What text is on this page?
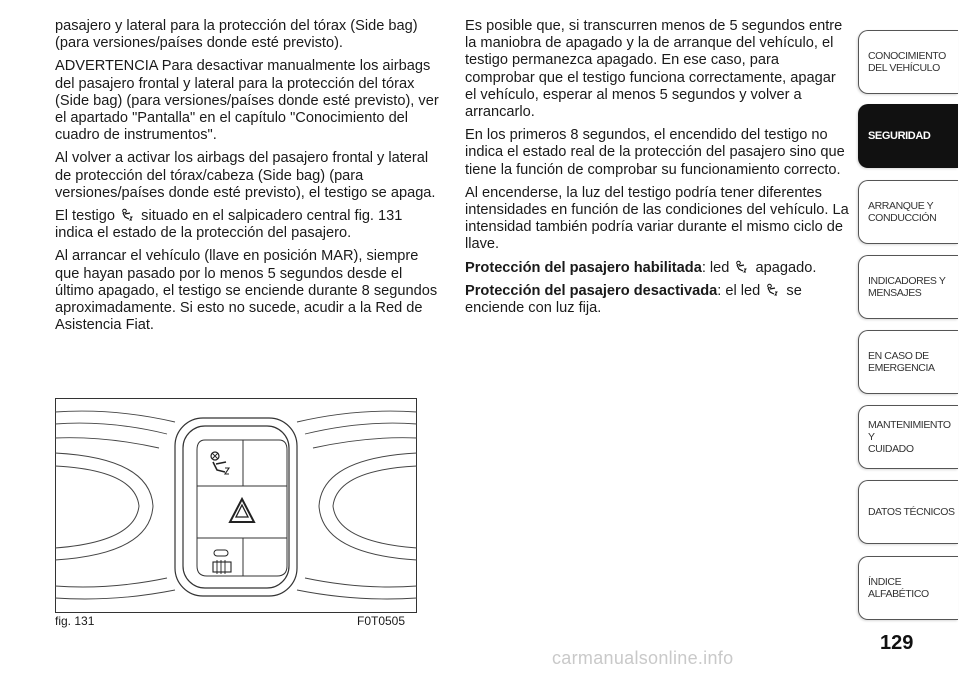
pasajero y lateral para la protección del tórax (Side bag) (para versiones/países donde esté previsto).

ADVERTENCIA Para desactivar manualmente los airbags del pasajero frontal y lateral para la protección del tórax (Side bag) (para versiones/países donde esté previsto), ver el apartado "Pantalla" en el capítulo "Conocimiento del cuadro de instrumentos".

Al volver a activar los airbags del pasajero frontal y lateral de protección del tórax/cabeza (Side bag) (para versiones/países donde esté previsto), el testigo se apaga.

El testigo situado en el salpicadero central fig. 131 indica el estado de la protección del pasajero.

Al arrancar el vehículo (llave en posición MAR), siempre que hayan pasado por lo menos 5 segundos desde el último apagado, el testigo se enciende durante 8 segundos aproximadamente. Si esto no sucede, acudir a la Red de Asistencia Fiat.

Es posible que, si transcurren menos de 5 segundos entre la maniobra de apagado y la de arranque del vehículo, el testigo permanezca apagado. En ese caso, para comprobar que el testigo funciona correctamente, apagar el vehículo, esperar al menos 5 segundos y volver a arrancarlo.

En los primeros 8 segundos, el encendido del testigo no indica el estado real de la protección del pasajero sino que tiene la función de comprobar su funcionamiento correcto.

Al encenderse, la luz del testigo podría tener diferentes intensidades en función de las condiciones del vehículo. La intensidad también podría variar durante el mismo ciclo de llave.

Protección del pasajero habilitada: led apagado.

Protección del pasajero desactivada: el led se enciende con luz fija.

fig. 131	F0T0505
CONOCIMIENTO
DEL VEHÍCULO
SEGURIDAD
ARRANQUE Y
CONDUCCIÓN
INDICADORES Y
MENSAJES
EN CASO DE
EMERGENCIA
MANTENIMIENTO Y
CUIDADO
DATOS TÉCNICOS
ÍNDICE ALFABÉTICO
129
carmanualsonline.info
